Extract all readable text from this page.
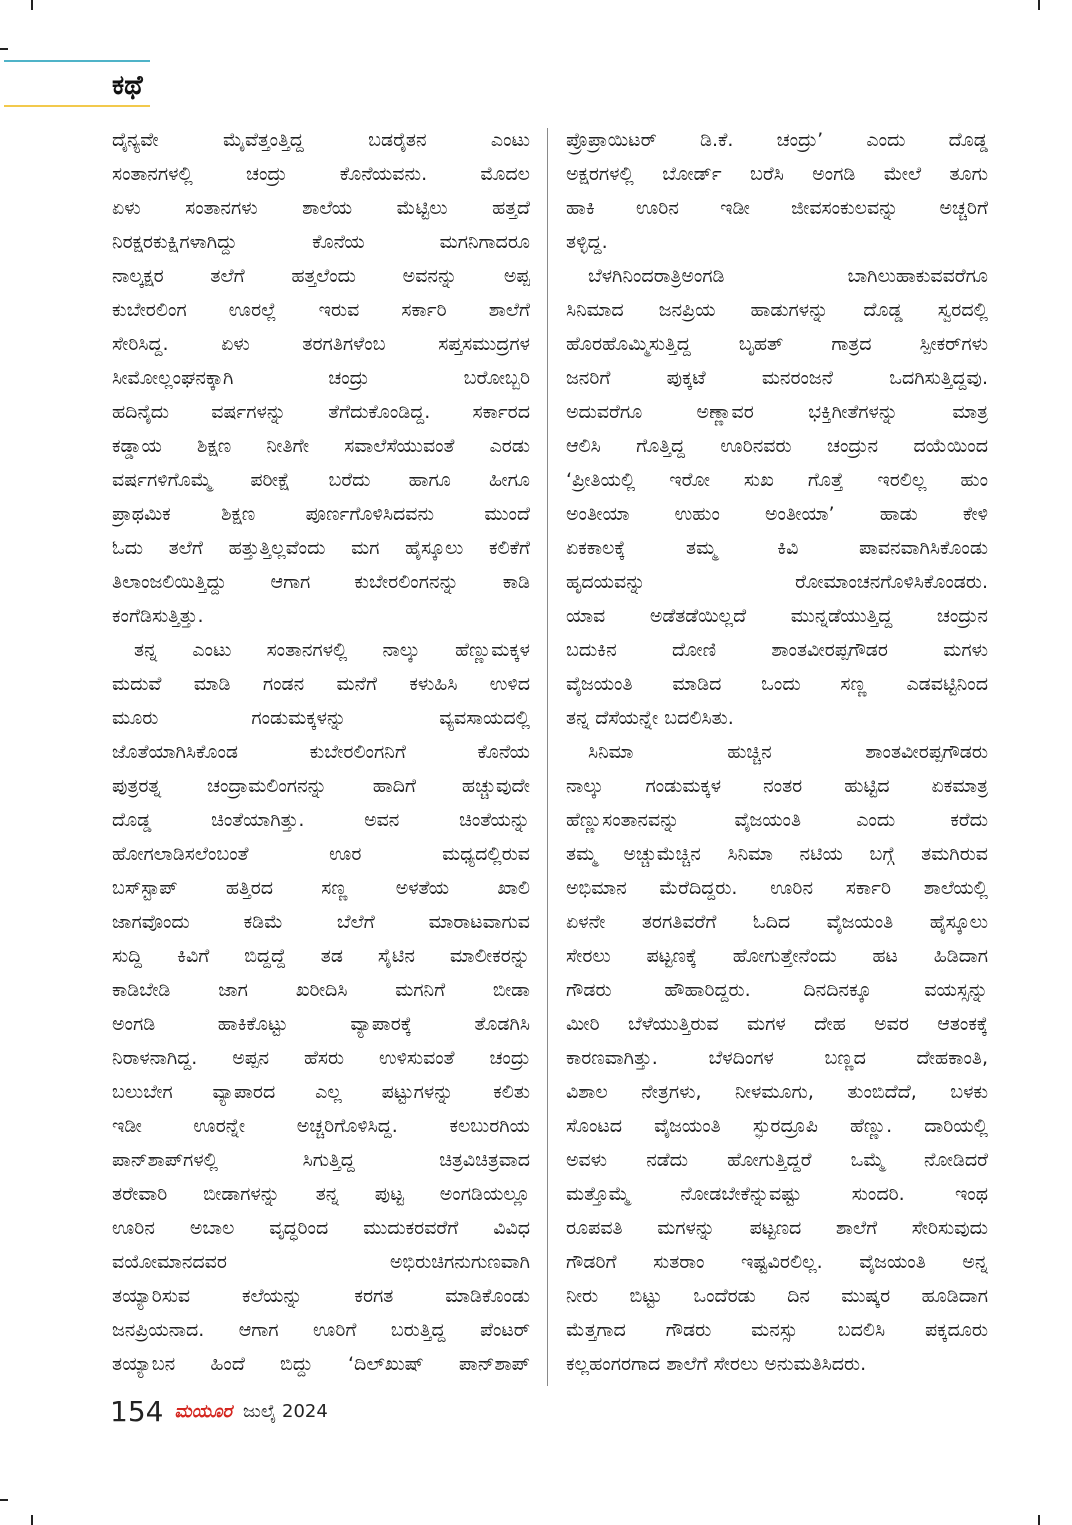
ಕಥೆ
ದೈನ್ಯವೇ ಮೈವೆತ್ತಂತ್ತಿದ್ದ ಬಡರೈತನ ಎಂಟು
ಸಂತಾನಗಳಲ್ಲಿ ಚಂದ್ರು ಕೊನೆಯವನು. ಮೊದಲ
ಏಳು ಸಂತಾನಗಳು ಶಾಲೆಯ ಮೆಟ್ಟಿಲು ಹತ್ತದೆ
ನಿರಕ್ಷರಕುಕ್ಷಿಗಳಾಗಿದ್ದು ಕೊನೆಯ ಮಗನಿಗಾದರೂ
ನಾಲ್ಕಕ್ಷರ ತಲೆಗೆ ಹತ್ತಲೆಂದು ಅವನನ್ನು ಅಪ್ಪ
ಕುಬೇರಲಿಂಗ ಊರಲ್ಲೆ ಇರುವ ಸರ್ಕಾರಿ ಶಾಲೆಗೆ
ಸೇರಿಸಿದ್ದ. ಏಳು ತರಗತಿಗಳೆಂಬ ಸಪ್ತಸಮುದ್ರಗಳ
ಸೀಮೋಲ್ಲಂಘನಕ್ಕಾಗಿ ಚಂದ್ರು ಬರೋಬ್ಬರಿ
ಹದಿನೈದು ವರ್ಷಗಳನ್ನು ತೆಗೆದುಕೊಂಡಿದ್ದ. ಸರ್ಕಾರದ
ಕಡ್ಡಾಯ ಶಿಕ್ಷಣ ನೀತಿಗೇ ಸವಾಲೆಸೆಯುವಂತೆ ಎರಡು
ವರ್ಷಗಳಿಗೊಮ್ಮೆ ಪರೀಕ್ಷೆ ಬರೆದು ಹಾಗೂ ಹೀಗೂ
ಪ್ರಾಥಮಿಕ ಶಿಕ್ಷಣ ಪೂರ್ಣಗೊಳಿಸಿದವನು ಮುಂದೆ
ಓದು ತಲೆಗೆ ಹತ್ತುತ್ತಿಲ್ಲವೆಂದು ಮಗ ಹೈಸ್ಕೂಲು ಕಲಿಕೆಗೆ
ತಿಲಾಂಜಲಿಯಿತ್ತಿದ್ದು ಆಗಾಗ ಕುಬೇರಲಿಂಗನನ್ನು ಕಾಡಿ
ಕಂಗೆಡಿಸುತ್ತಿತ್ತು.
ತನ್ನ ಎಂಟು ಸಂತಾನಗಳಲ್ಲಿ ನಾಲ್ಕು ಹೆಣ್ಣುಮಕ್ಕಳ
ಮದುವೆ ಮಾಡಿ ಗಂಡನ ಮನೆಗೆ ಕಳುಹಿಸಿ ಉಳಿದ
ಮೂರು ಗಂಡುಮಕ್ಕಳನ್ನು ವ್ಯವಸಾಯದಲ್ಲಿ
ಜೊತೆಯಾಗಿಸಿಕೊಂಡ ಕುಬೇರಲಿಂಗನಿಗೆ ಕೊನೆಯ
ಪುತ್ರರತ್ನ ಚಂದ್ರಾಮಲಿಂಗನನ್ನು ಹಾದಿಗೆ ಹಚ್ಚುವುದೇ
ದೊಡ್ಡ ಚಿಂತೆಯಾಗಿತ್ತು. ಅವನ ಚಿಂತೆಯನ್ನು
ಹೋಗಲಾಡಿಸಲೆಂಬಂತೆ ಊರ ಮಧ್ಯದಲ್ಲಿರುವ
ಬಸ್‌ಸ್ಟಾಪ್ ಹತ್ತಿರದ ಸಣ್ಣ ಅಳತೆಯ ಖಾಲಿ
ಜಾಗವೊಂದು ಕಡಿಮೆ ಬೆಲೆಗೆ ಮಾರಾಟವಾಗುವ
ಸುದ್ದಿ ಕಿವಿಗೆ ಬಿದ್ದದ್ದೆ ತಡ ಸೈಟಿನ ಮಾಲೀಕರನ್ನು
ಕಾಡಿಬೇಡಿ ಜಾಗ ಖರೀದಿಸಿ ಮಗನಿಗೆ ಬೀಡಾ
ಅಂಗಡಿ ಹಾಕಿಕೊಟ್ಟು ವ್ಯಾಪಾರಕ್ಕೆ ತೊಡಗಿಸಿ
ನಿರಾಳನಾಗಿದ್ದ. ಅಪ್ಪನ ಹೆಸರು ಉಳಿಸುವಂತೆ ಚಂದ್ರು
ಬಲುಬೇಗ ವ್ಯಾಪಾರದ ಎಲ್ಲ ಪಟ್ಟುಗಳನ್ನು ಕಲಿತು
ಇಡೀ ಊರನ್ನೇ ಅಚ್ಚರಿಗೊಳಿಸಿದ್ದ. ಕಲಬುರಗಿಯ
ಪಾನ್‌ಶಾಪ್‌ಗಳಲ್ಲಿ ಸಿಗುತ್ತಿದ್ದ ಚಿತ್ರವಿಚಿತ್ರವಾದ
ತರೇವಾರಿ ಬೀಡಾಗಳನ್ನು ತನ್ನ ಪುಟ್ಟ ಅಂಗಡಿಯಲ್ಲೂ
ಊರಿನ ಅಬಾಲ ವೃದ್ಧರಿಂದ ಮುದುಕರವರೆಗೆ ವಿವಿಧ
ವಯೋಮಾನದವರ ಅಭಿರುಚಿಗನುಗುಣವಾಗಿ
ತಯ್ಯಾರಿಸುವ ಕಲೆಯನ್ನು ಕರಗತ ಮಾಡಿಕೊಂಡು
ಜನಪ್ರಿಯನಾದ. ಆಗಾಗ ಊರಿಗೆ ಬರುತ್ತಿದ್ದ ಪೆಂಟರ್
ತಯ್ಯಾಬನ ಹಿಂದೆ ಬಿದ್ದು ‘ದಿಲ್‌ಖುಷ್ ಪಾನ್‌ಶಾಪ್
ಪ್ರೊಪ್ರಾಯಿಟರ್ ಡಿ.ಕೆ. ಚಂದ್ರು’ ಎಂದು ದೊಡ್ಡ
ಅಕ್ಷರಗಳಲ್ಲಿ ಬೋರ್ಡ್ ಬರೆಸಿ ಅಂಗಡಿ ಮೇಲೆ ತೂಗು
ಹಾಕಿ ಊರಿನ ಇಡೀ ಜೀವಸಂಕುಲವನ್ನು ಅಚ್ಚರಿಗೆ
ತಳ್ಳಿದ್ದ.
ಬೆಳಗಿನಿಂದರಾತ್ರಿಅಂಗಡಿ ಬಾಗಿಲುಹಾಕುವವರೆಗೂ
ಸಿನಿಮಾದ ಜನಪ್ರಿಯ ಹಾಡುಗಳನ್ನು ದೊಡ್ಡ ಸ್ವರದಲ್ಲಿ
ಹೊರಹೊಮ್ಮಿಸುತ್ತಿದ್ದ ಬೃಹತ್ ಗಾತ್ರದ ಸ್ಪೀಕರ್‌ಗಳು
ಜನರಿಗೆ ಪುಕ್ಕಟೆ ಮನರಂಜನೆ ಒದಗಿಸುತ್ತಿದ್ದವು.
ಅದುವರೆಗೂ ಅಣ್ಣಾವರ ಭಕ್ತಿಗೀತೆಗಳನ್ನು ಮಾತ್ರ
ಆಲಿಸಿ ಗೊತ್ತಿದ್ದ ಊರಿನವರು ಚಂದ್ರುನ ದಯೆಯಿಂದ
‘ಪ್ರೀತಿಯಲ್ಲಿ ಇರೋ ಸುಖ ಗೊತ್ತೆ ಇರಲಿಲ್ಲ ಹುಂ
ಅಂತೀಯಾ ಉಹುಂ ಅಂತೀಯಾ’ ಹಾಡು ಕೇಳಿ
ಏಕಕಾಲಕ್ಕೆ ತಮ್ಮ ಕಿವಿ ಪಾವನವಾಗಿಸಿಕೊಂಡು
ಹೃದಯವನ್ನು ರೋಮಾಂಚನಗೊಳಿಸಿಕೊಂಡರು.
ಯಾವ ಅಡೆತಡೆಯಿಲ್ಲದೆ ಮುನ್ನಡೆಯುತ್ತಿದ್ದ ಚಂದ್ರುನ
ಬದುಕಿನ ದೋಣಿ ಶಾಂತವೀರಪ್ಪಗೌಡರ ಮಗಳು
ವೈಜಯಂತಿ ಮಾಡಿದ ಒಂದು ಸಣ್ಣ ಎಡವಟ್ಟಿನಿಂದ
ತನ್ನ ದೆಸೆಯನ್ನೇ ಬದಲಿಸಿತು.
ಸಿನಿಮಾ ಹುಚ್ಚಿನ ಶಾಂತವೀರಪ್ಪಗೌಡರು
ನಾಲ್ಕು ಗಂಡುಮಕ್ಕಳ ನಂತರ ಹುಟ್ಟಿದ ಏಕಮಾತ್ರ
ಹೆಣ್ಣುಸಂತಾನವನ್ನು ವೈಜಯಂತಿ ಎಂದು ಕರೆದು
ತಮ್ಮ ಅಚ್ಚುಮೆಚ್ಚಿನ ಸಿನಿಮಾ ನಟಿಯ ಬಗ್ಗೆ ತಮಗಿರುವ
ಅಭಿಮಾನ ಮೆರೆದಿದ್ದರು. ಊರಿನ ಸರ್ಕಾರಿ ಶಾಲೆಯಲ್ಲಿ
ಏಳನೇ ತರಗತಿವರೆಗೆ ಓದಿದ ವೈಜಯಂತಿ ಹೈಸ್ಕೂಲು
ಸೇರಲು ಪಟ್ಟಣಕ್ಕೆ ಹೋಗುತ್ತೇನೆಂದು ಹಟ ಹಿಡಿದಾಗ
ಗೌಡರು ಹೌಹಾರಿದ್ದರು. ದಿನದಿನಕ್ಕೂ ವಯಸ್ಸನ್ನು
ಮೀರಿ ಬೆಳೆಯುತ್ತಿರುವ ಮಗಳ ದೇಹ ಅವರ ಆತಂಕಕ್ಕೆ
ಕಾರಣವಾಗಿತ್ತು. ಬೆಳದಿಂಗಳ ಬಣ್ಣದ ದೇಹಕಾಂತಿ,
ವಿಶಾಲ ನೇತ್ರಗಳು, ನೀಳಮೂಗು, ತುಂಬಿದೆದೆ, ಬಳಕು
ಸೊಂಟದ ವೈಜಯಂತಿ ಸ್ಫುರದ್ರೂಪಿ ಹೆಣ್ಣು. ದಾರಿಯಲ್ಲಿ
ಅವಳು ನಡೆದು ಹೋಗುತ್ತಿದ್ದರೆ ಒಮ್ಮೆ ನೋಡಿದರೆ
ಮತ್ತೊಮ್ಮೆ ನೋಡಬೇಕೆನ್ನುವಷ್ಟು ಸುಂದರಿ. ಇಂಥ
ರೂಪವತಿ ಮಗಳನ್ನು ಪಟ್ಟಣದ ಶಾಲೆಗೆ ಸೇರಿಸುವುದು
ಗೌಡರಿಗೆ ಸುತರಾಂ ಇಷ್ಟವಿರಲಿಲ್ಲ. ವೈಜಯಂತಿ ಅನ್ನ
ನೀರು ಬಿಟ್ಟು ಒಂದೆರಡು ದಿನ ಮುಷ್ಕರ ಹೂಡಿದಾಗ
ಮೆತ್ತಗಾದ ಗೌಡರು ಮನಸ್ಸು ಬದಲಿಸಿ ಪಕ್ಕದೂರು
ಕಲ್ಲಹಂಗರಗಾದ ಶಾಲೆಗೆ ಸೇರಲು ಅನುಮತಿಸಿದರು.
154 ಮಯೂರ ಜುಲೈ 2024
